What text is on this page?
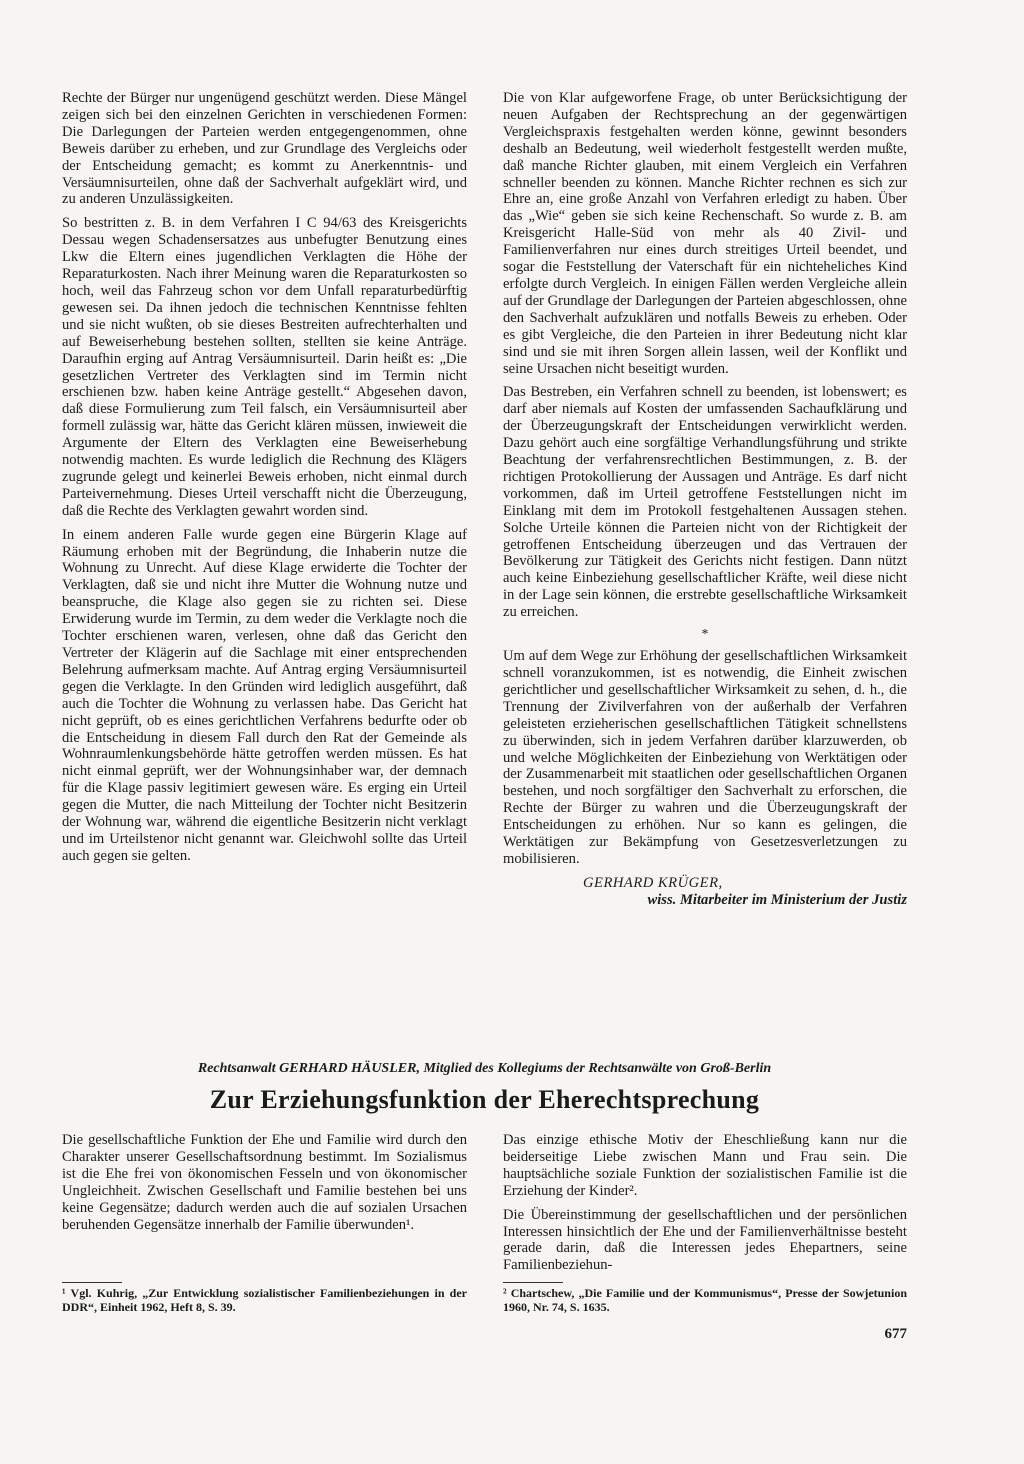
Rechte der Bürger nur ungenügend geschützt werden. Diese Mängel zeigen sich bei den einzelnen Gerichten in verschiedenen Formen: Die Darlegungen der Parteien werden entgegengenommen, ohne Beweis darüber zu erheben, und zur Grundlage des Vergleichs oder der Entscheidung gemacht; es kommt zu Anerkenntnis- und Versäumnisurteilen, ohne daß der Sachverhalt aufgeklärt wird, und zu anderen Unzulässigkeiten.

So bestritten z. B. in dem Verfahren I C 94/63 des Kreisgerichts Dessau wegen Schadensersatzes aus unbefugter Benutzung eines Lkw die Eltern eines jugendlichen Verklagten die Höhe der Reparaturkosten. Nach ihrer Meinung waren die Reparaturkosten so hoch, weil das Fahrzeug schon vor dem Unfall reparaturbedürftig gewesen sei. Da ihnen jedoch die technischen Kenntnisse fehlten und sie nicht wußten, ob sie dieses Bestreiten aufrechterhalten und auf Beweiserhebung bestehen sollten, stellten sie keine Anträge. Daraufhin erging auf Antrag Versäumnisurteil. Darin heißt es: „Die gesetzlichen Vertreter des Verklagten sind im Termin nicht erschienen bzw. haben keine Anträge gestellt.“ Abgesehen davon, daß diese Formulierung zum Teil falsch, ein Versäumnisurteil aber formell zulässig war, hätte das Gericht klären müssen, inwieweit die Argumente der Eltern des Verklagten eine Beweiserhebung notwendig machten. Es wurde lediglich die Rechnung des Klägers zugrunde gelegt und keinerlei Beweis erhoben, nicht einmal durch Parteivernehmung. Dieses Urteil verschafft nicht die Überzeugung, daß die Rechte des Verklagten gewahrt worden sind.

In einem anderen Falle wurde gegen eine Bürgerin Klage auf Räumung erhoben mit der Begründung, die Inhaberin nutze die Wohnung zu Unrecht. Auf diese Klage erwiderte die Tochter der Verklagten, daß sie und nicht ihre Mutter die Wohnung nutze und beanspruche, die Klage also gegen sie zu richten sei. Diese Erwiderung wurde im Termin, zu dem weder die Verklagte noch die Tochter erschienen waren, verlesen, ohne daß das Gericht den Vertreter der Klägerin auf die Sachlage mit einer entsprechenden Belehrung aufmerksam machte. Auf Antrag erging Versäumnisurteil gegen die Verklagte. In den Gründen wird lediglich ausgeführt, daß auch die Tochter die Wohnung zu verlassen habe. Das Gericht hat nicht geprüft, ob es eines gerichtlichen Verfahrens bedurfte oder ob die Entscheidung in diesem Fall durch den Rat der Gemeinde als Wohnraumlenkungsbehörde hätte getroffen werden müssen. Es hat nicht einmal geprüft, wer der Wohnungsinhaber war, der demnach für die Klage passiv legitimiert gewesen wäre. Es erging ein Urteil gegen die Mutter, die nach Mitteilung der Tochter nicht Besitzerin der Wohnung war, während die eigentliche Besitzerin nicht verklagt und im Urteilstenor nicht genannt war. Gleichwohl sollte das Urteil auch gegen sie gelten.

Die von Klar aufgeworfene Frage, ob unter Berücksichtigung der neuen Aufgaben der Rechtsprechung an der gegenwärtigen Vergleichspraxis festgehalten werden könne, gewinnt besonders deshalb an Bedeutung, weil wiederholt festgestellt werden mußte, daß manche Richter glauben, mit einem Vergleich ein Verfahren schneller beenden zu können. Manche Richter rechnen es sich zur Ehre an, eine große Anzahl von Verfahren erledigt zu haben. Über das „Wie“ geben sie sich keine Rechenschaft. So wurde z. B. am Kreisgericht Halle-Süd von mehr als 40 Zivil- und Familienverfahren nur eines durch streitiges Urteil beendet, und sogar die Feststellung der Vaterschaft für ein nichteheliches Kind erfolgte durch Vergleich. In einigen Fällen werden Vergleiche allein auf der Grundlage der Darlegungen der Parteien abgeschlossen, ohne den Sachverhalt aufzuklären und notfalls Beweis zu erheben. Oder es gibt Vergleiche, die den Parteien in ihrer Bedeutung nicht klar sind und sie mit ihren Sorgen allein lassen, weil der Konflikt und seine Ursachen nicht beseitigt wurden.

Das Bestreben, ein Verfahren schnell zu beenden, ist lobenswert; es darf aber niemals auf Kosten der umfassenden Sachaufklärung und der Überzeugungskraft der Entscheidungen verwirklicht werden. Dazu gehört auch eine sorgfältige Verhandlungsführung und strikte Beachtung der verfahrensrechtlichen Bestimmungen, z. B. der richtigen Protokollierung der Aussagen und Anträge. Es darf nicht vorkommen, daß im Urteil getroffene Feststellungen nicht im Einklang mit dem im Protokoll festgehaltenen Aussagen stehen. Solche Urteile können die Parteien nicht von der Richtigkeit der getroffenen Entscheidung überzeugen und das Vertrauen der Bevölkerung zur Tätigkeit des Gerichts nicht festigen. Dann nützt auch keine Einbeziehung gesellschaftlicher Kräfte, weil diese nicht in der Lage sein können, die erstrebte gesellschaftliche Wirksamkeit zu erreichen.

*

Um auf dem Wege zur Erhöhung der gesellschaftlichen Wirksamkeit schnell voranzukommen, ist es notwendig, die Einheit zwischen gerichtlicher und gesellschaftlicher Wirksamkeit zu sehen, d. h., die Trennung der Zivilverfahren von der außerhalb der Verfahren geleisteten erzieherischen gesellschaftlichen Tätigkeit schnellstens zu überwinden, sich in jedem Verfahren darüber klarzuwerden, ob und welche Möglichkeiten der Einbeziehung von Werktätigen oder der Zusammenarbeit mit staatlichen oder gesellschaftlichen Organen bestehen, und noch sorgfältiger den Sachverhalt zu erforschen, die Rechte der Bürger zu wahren und die Überzeugungskraft der Entscheidungen zu erhöhen. Nur so kann es gelingen, die Werktätigen zur Bekämpfung von Gesetzesverletzungen zu mobilisieren.

GERHARD KRÜGER,
wiss. Mitarbeiter im Ministerium der Justiz
Rechtsanwalt GERHARD HÄUSLER, Mitglied des Kollegiums der Rechtsanwälte von Groß-Berlin
Zur Erziehungsfunktion der Eherechtsprechung

Die gesellschaftliche Funktion der Ehe und Familie wird durch den Charakter unserer Gesellschaftsordnung bestimmt. Im Sozialismus ist die Ehe frei von ökonomischen Fesseln und von ökonomischer Ungleichheit. Zwischen Gesellschaft und Familie bestehen bei uns keine Gegensätze; dadurch werden auch die auf sozialen Ursachen beruhenden Gegensätze innerhalb der Familie überwunden¹.

Das einzige ethische Motiv der Eheschließung kann nur die beiderseitige Liebe zwischen Mann und Frau sein. Die hauptsächliche soziale Funktion der sozialistischen Familie ist die Erziehung der Kinder².

Die Übereinstimmung der gesellschaftlichen und der persönlichen Interessen hinsichtlich der Ehe und der Familienverhältnisse besteht gerade darin, daß die Interessen jedes Ehepartners, seine Familienbeziehun-

¹ Vgl. Kuhrig, „Zur Entwicklung sozialistischer Familienbeziehungen in der DDR“, Einheit 1962, Heft 8, S. 39.
² Chartschew, „Die Familie und der Kommunismus“, Presse der Sowjetunion 1960, Nr. 74, S. 1635.
677
